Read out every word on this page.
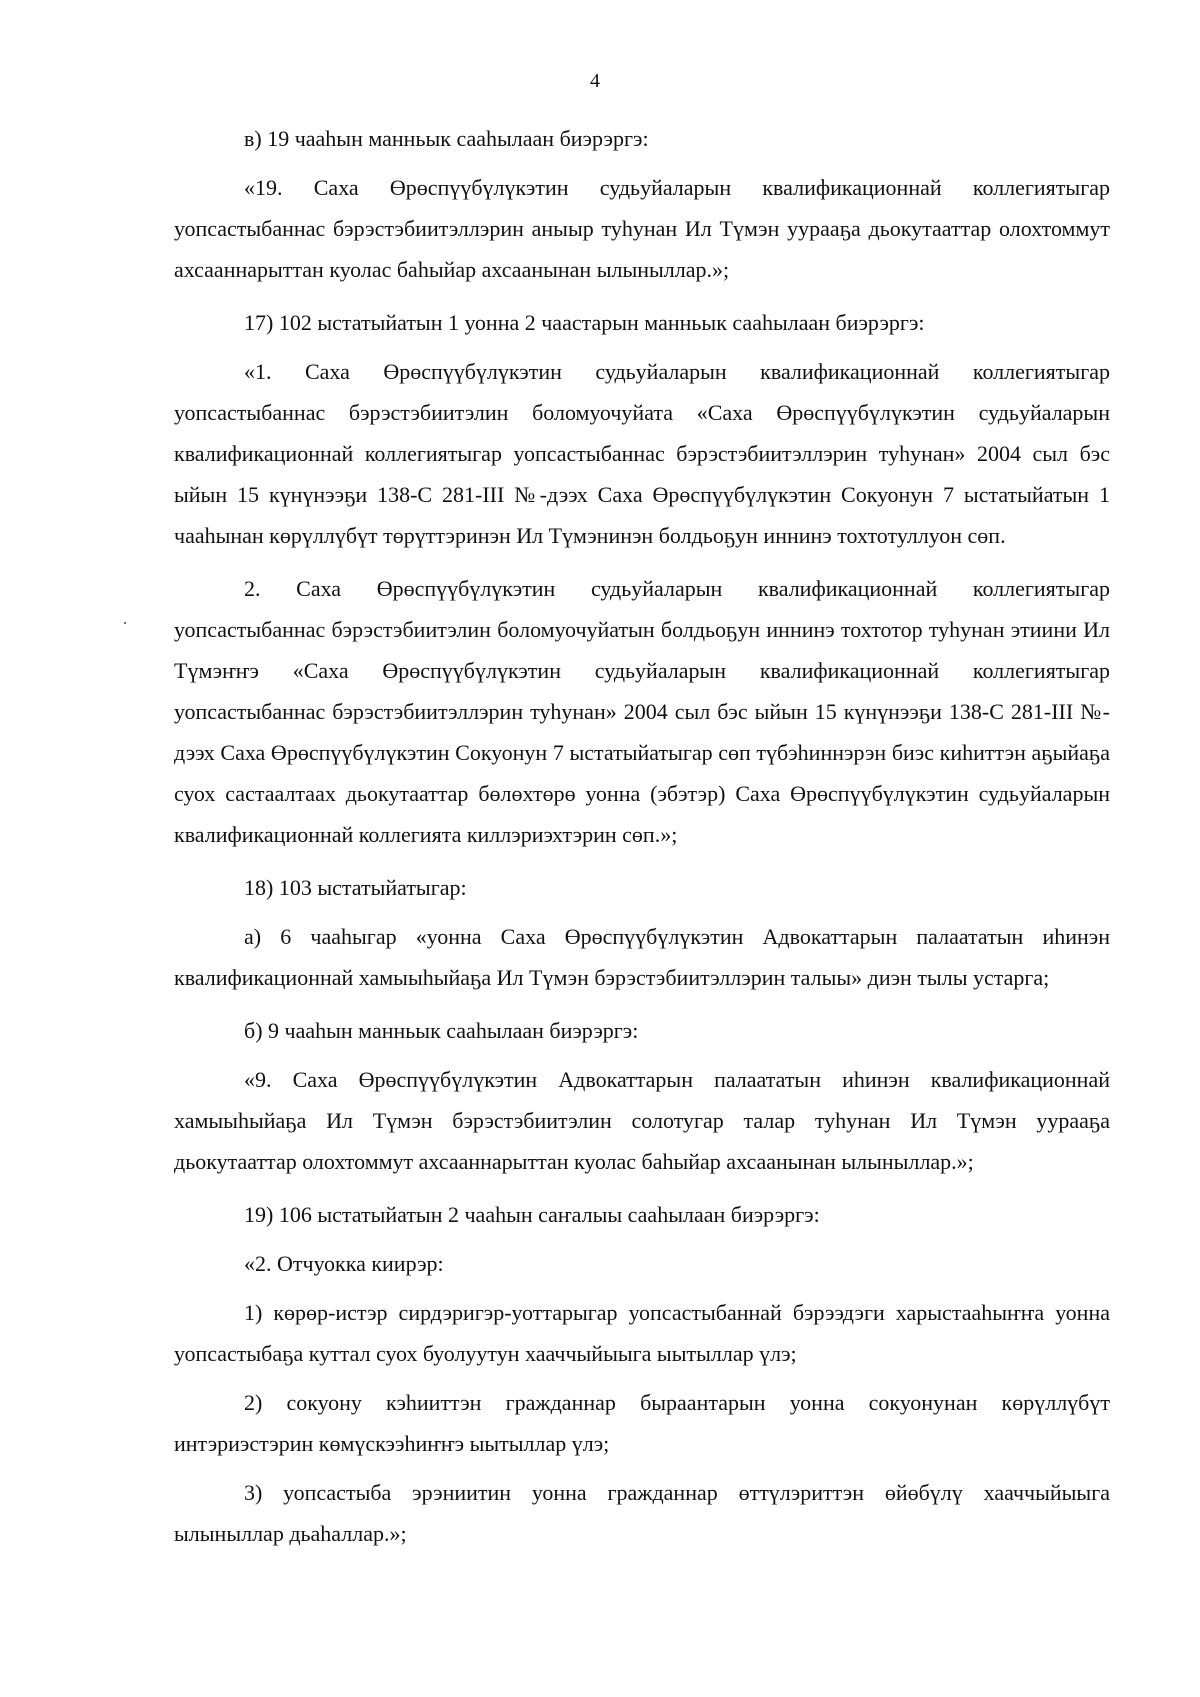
4

в) 19 чааһын манньык сааһылаан биэрэргэ:

«19. Саха Өрөспүүбүлүкэтин судьуйаларын квалификационнай коллегиятыгар уопсастыбаннас бэрэстэбиитэллэрин аныыр туһунан Ил Түмэн уурааҕа дьокутааттар олохтоммут ахсааннарыттан куолас баһыйар ахсаанынан ылыныллар.»;

17) 102 ыстатыйатын 1 уонна 2 чаастарын манньык сааһылаан биэрэргэ:

«1. Саха Өрөспүүбүлүкэтин судьуйаларын квалификационнай коллегиятыгар уопсастыбаннас бэрэстэбиитэлин боломуочуйата «Саха Өрөспүүбүлүкэтин судьуйаларын квалификационнай коллегиятыгар уопсастыбаннас бэрэстэбиитэллэрин туһунан» 2004 сыл бэс ыйын 15 күнүнээҕи 138-С 281-III №-дээх Саха Өрөспүүбүлүкэтин Сокуонун 7 ыстатыйатын 1 чааһынан көрүллүбүт төрүттэринэн Ил Түмэнинэн болдьоҕун иннинэ тохтотуллуон сөп.

2. Саха Өрөспүүбүлүкэтин судьуйаларын квалификационнай коллегиятыгар уопсастыбаннас бэрэстэбиитэлин боломуочуйатын болдьоҕун иннинэ тохтотор туһунан этиини Ил Түмэҥҥэ «Саха Өрөспүүбүлүкэтин судьуйаларын квалификационнай коллегиятыгар уопсастыбаннас бэрэстэбиитэллэрин туһунан» 2004 сыл бэс ыйын 15 күнүнээҕи 138-С 281-III №-дээх Саха Өрөспүүбүлүкэтин Сокуонун 7 ыстатыйатыгар сөп түбэһиннэрэн биэс киһиттэн аҕыйаҕа суох састаалтаах дьокутааттар бөлөхтөрө уонна (эбэтэр) Саха Өрөспүүбүлүкэтин судьуйаларын квалификационнай коллегията киллэриэхтэрин сөп.»;

18) 103 ыстатыйатыгар:

а) 6 чааһыгар «уонна Саха Өрөспүүбүлүкэтин Адвокаттарын палаататын иһинэн квалификационнай хамыыһыйаҕа Ил Түмэн бэрэстэбиитэллэрин талыы» диэн тылы устарга;

б) 9 чааһын манньык сааһылаан биэрэргэ:

«9. Саха Өрөспүүбүлүкэтин Адвокаттарын палаататын иһинэн квалификационнай хамыыһыйаҕа Ил Түмэн бэрэстэбиитэлин солотугар талар туһунан Ил Түмэн уурааҕа дьокутааттар олохтоммут ахсааннарыттан куолас баһыйар ахсаанынан ылыныллар.»;

19) 106 ыстатыйатын 2 чааһын саҥалыы сааһылаан биэрэргэ:

«2. Отчуокка киирэр:

1) көрөр-истэр сирдэригэр-уоттарыгар уопсастыбаннай бэрээдэги харыстааһыҥҥа уонна уопсастыбаҕа куттал суох буолуутун хааччыйыыга ыытыллар үлэ;

2) сокуону кэһииттэн гражданнар быраантарын уонна сокуонунан көрүллүбүт интэриэстэрин көмүскээһиҥҥэ ыытыллар үлэ;

3) уопсастыба эрэниитин уонна гражданнар өттүлэриттэн өйөбүлү хааччыйыыга ылыныллар дьаһаллар.»;
